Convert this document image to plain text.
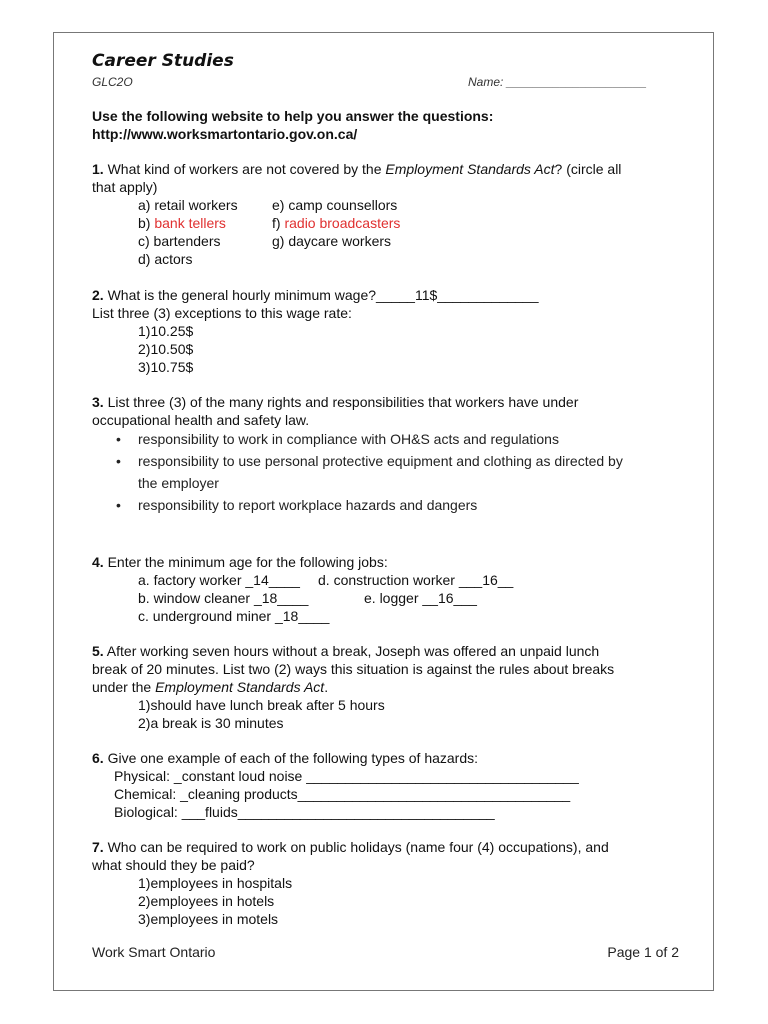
Career Studies
GLC2O	Name: _____________________
Use the following website to help you answer the questions:
http://www.worksmartontario.gov.on.ca/
1. What kind of workers are not covered by the Employment Standards Act? (circle all
that apply)
a) retail workers
b) bank tellers
c) bartenders
d) actors
e) camp counsellors
f) radio broadcasters
g) daycare workers
2. What is the general hourly minimum wage?_____11$_____________
List three (3) exceptions to this wage rate:
1)10.25$
2)10.50$
3)10.75$
3. List three (3) of the many rights and responsibilities that workers have under
occupational health and safety law.
• responsibility to work in compliance with OH&S acts and regulations
• responsibility to use personal protective equipment and clothing as directed by
the employer
• responsibility to report workplace hazards and dangers
4. Enter the minimum age for the following jobs:
a. factory worker _14____
b. window cleaner _18____
c. underground miner _18____
d. construction worker ___16__
e. logger __16___
5. After working seven hours without a break, Joseph was offered an unpaid lunch
break of 20 minutes. List two (2) ways this situation is against the rules about breaks
under the Employment Standards Act.
1)should have lunch break after 5 hours
2)a break is 30 minutes
6. Give one example of each of the following types of hazards:
Physical: _constant loud noise ___________________________________
Chemical: _cleaning products___________________________________
Biological: ___fluids_________________________________
7. Who can be required to work on public holidays (name four (4) occupations), and
what should they be paid?
1)employees in hospitals
2)employees in hotels
3)employees in motels
Work Smart Ontario	Page 1 of 2
